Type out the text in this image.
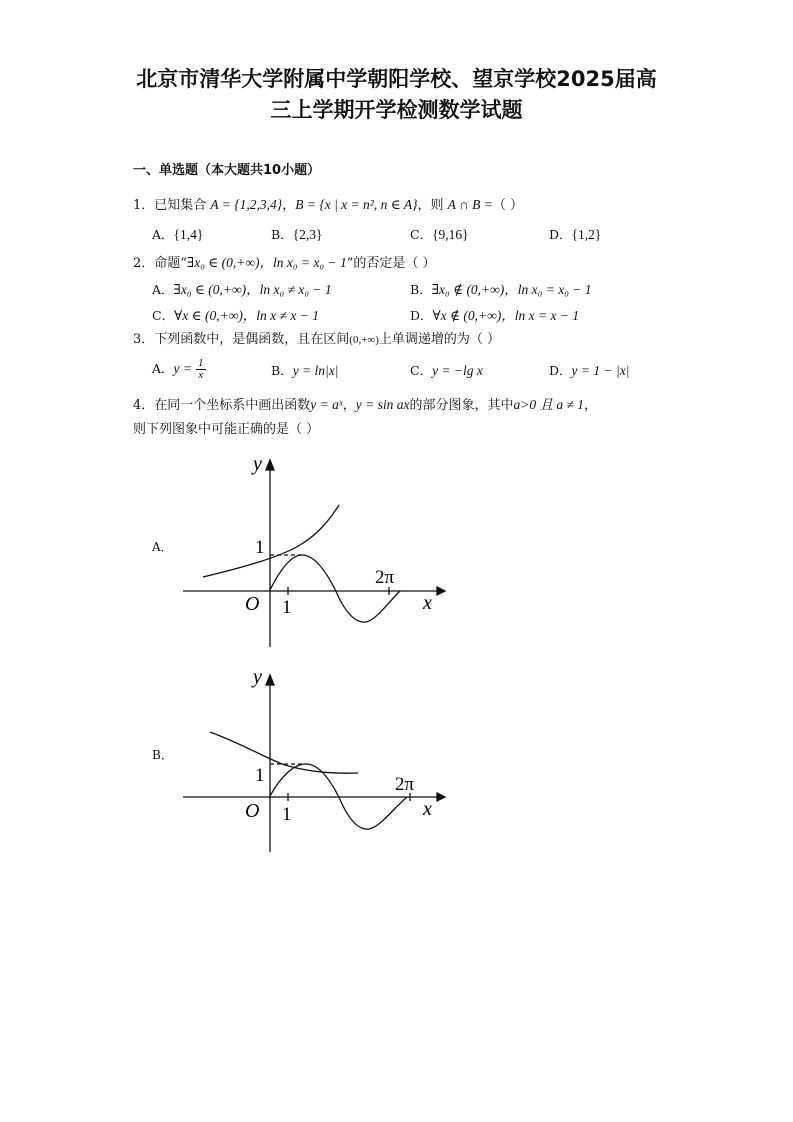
北京市清华大学附属中学朝阳学校、望京学校2025届高
三上学期开学检测数学试题
一、单选题（本大题共10小题）
1．已知集合 A = {1,2,3,4}，B = {x | x = n², n ∈ A}，则 A ∩ B =（ ）
A．{1,4}	B．{2,3}	C．{9,16}	D．{1,2}
2．命题“∃x₀ ∈ (0,+∞)，ln x₀ = x₀ − 1”的否定是（ ）
A．∃x₀ ∈ (0,+∞)，ln x₀ ≠ x₀ − 1	B．∃x₀ ∉ (0,+∞)，ln x₀ = x₀ − 1
C．∀x ∈ (0,+∞)，ln x ≠ x − 1	D．∀x ∉ (0,+∞)，ln x = x − 1
3．下列函数中，是偶函数，且在区间(0,+∞)上单调递增的为（ ）
A．$y = \frac{1}{x}$	B．y = ln|x|	C．y = −lg x	D．y = 1 − |x|
4．在同一个坐标系中画出函数y = aˣ，y = sin ax的部分图象，其中a>0 且 a ≠ 1，
则下列图象中可能正确的是（ ）
A．
y
x
O 1
1
2π
B．
y
x
O 1
1	2π
